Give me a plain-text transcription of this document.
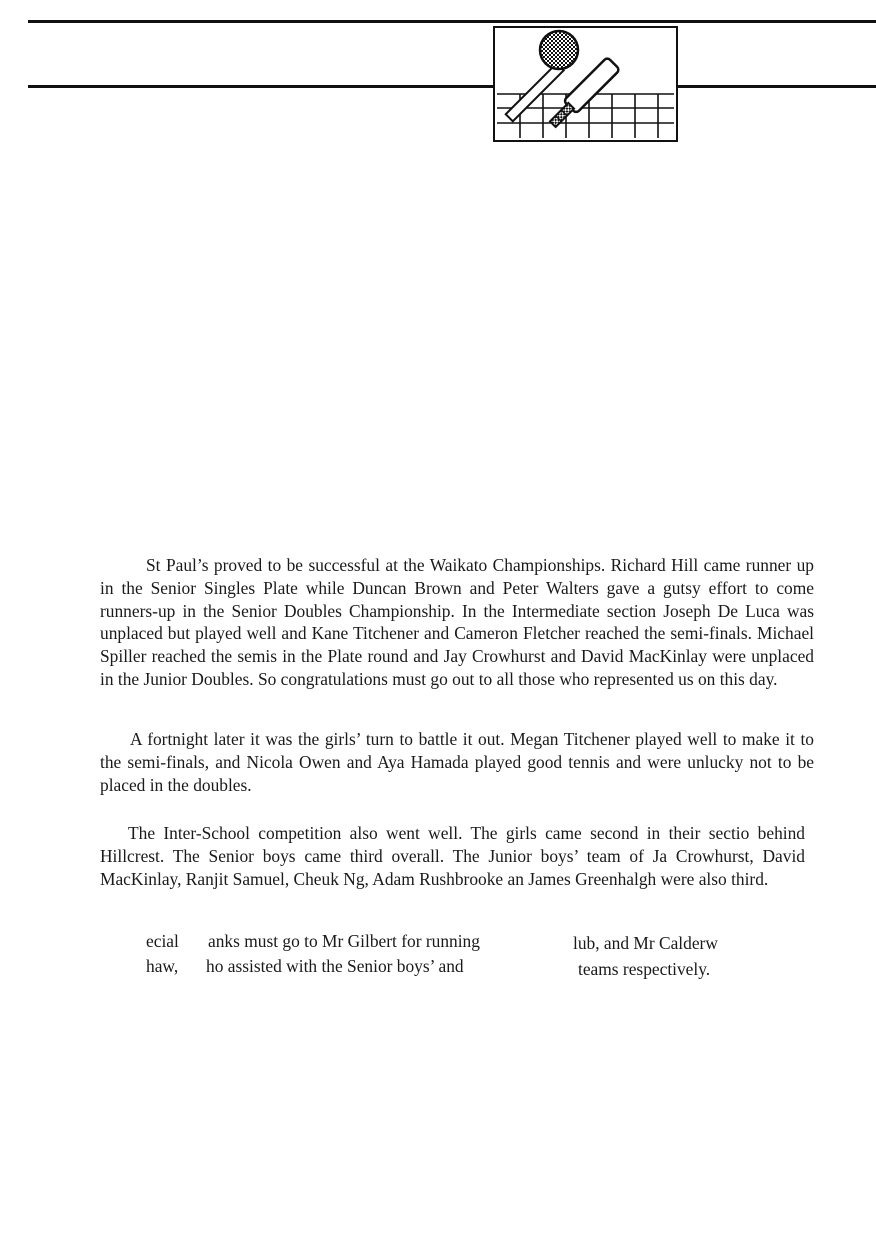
St Paul’s proved to be successful at the Waikato Championships. Richard Hill came runner up in the Senior Singles Plate while Duncan Brown and Peter Walters gave a gutsy effort to come runners-up in the Senior Doubles Championship. In the Intermediate section Joseph De Luca was unplaced but played well and Kane Titchener and Cameron Fletcher reached the semi-finals. Michael Spiller reached the semis in the Plate round and Jay Crowhurst and David MacKinlay were unplaced in the Junior Doubles. So congratulations must go out to all those who represented us on this day.

A fortnight later it was the girls’ turn to battle it out. Megan Titchener played well to make it to the semi-finals, and Nicola Owen and Aya Hamada played good tennis and were unlucky not to be placed in the doubles.

The Inter-School competition also went well. The girls came second in their sectio behind Hillcrest. The Senior boys came third overall. The Junior boys’ team of Ja Crowhurst, David MacKinlay, Ranjit Samuel, Cheuk Ng, Adam Rushbrooke an James Greenhalgh were also third.

ecial anks must go to Mr Gilbert for running	lub, and Mr Calderw
haw, ho assisted with the Senior boys’ and	teams respectively.
